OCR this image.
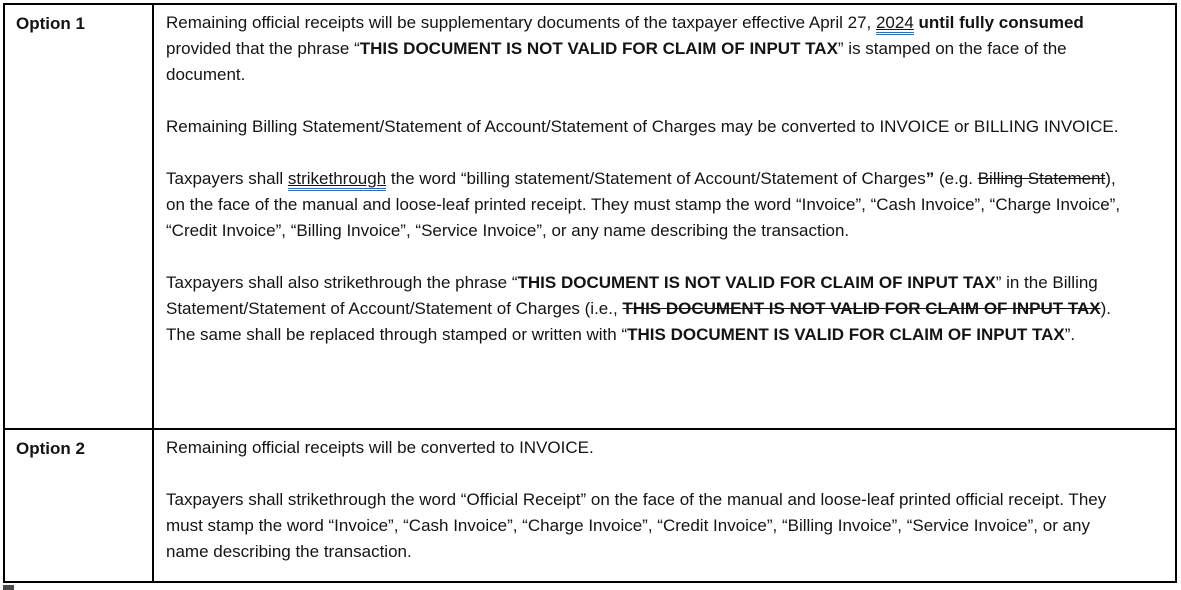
Option 1	Remaining official receipts will be supplementary documents of the taxpayer effective April 27, 2024 until fully consumed provided that the phrase “THIS DOCUMENT IS NOT VALID FOR CLAIM OF INPUT TAX” is stamped on the face of the document.

Remaining Billing Statement/Statement of Account/Statement of Charges may be converted to INVOICE or BILLING INVOICE.

Taxpayers shall strikethrough the word “billing statement/Statement of Account/Statement of Charges” (e.g. Billing Statement), on the face of the manual and loose-leaf printed receipt. They must stamp the word “Invoice”, “Cash Invoice”, “Charge Invoice”, “Credit Invoice”, “Billing Invoice”, “Service Invoice”, or any name describing the transaction.

Taxpayers shall also strikethrough the phrase “THIS DOCUMENT IS NOT VALID FOR CLAIM OF INPUT TAX” in the Billing Statement/Statement of Account/Statement of Charges (i.e., THIS DOCUMENT IS NOT VALID FOR CLAIM OF INPUT TAX). The same shall be replaced through stamped or written with “THIS DOCUMENT IS VALID FOR CLAIM OF INPUT TAX”.

Option 2	Remaining official receipts will be converted to INVOICE.

Taxpayers shall strikethrough the word “Official Receipt” on the face of the manual and loose-leaf printed official receipt. They must stamp the word “Invoice”, “Cash Invoice”, “Charge Invoice”, “Credit Invoice”, “Billing Invoice”, “Service Invoice”, or any name describing the transaction.
